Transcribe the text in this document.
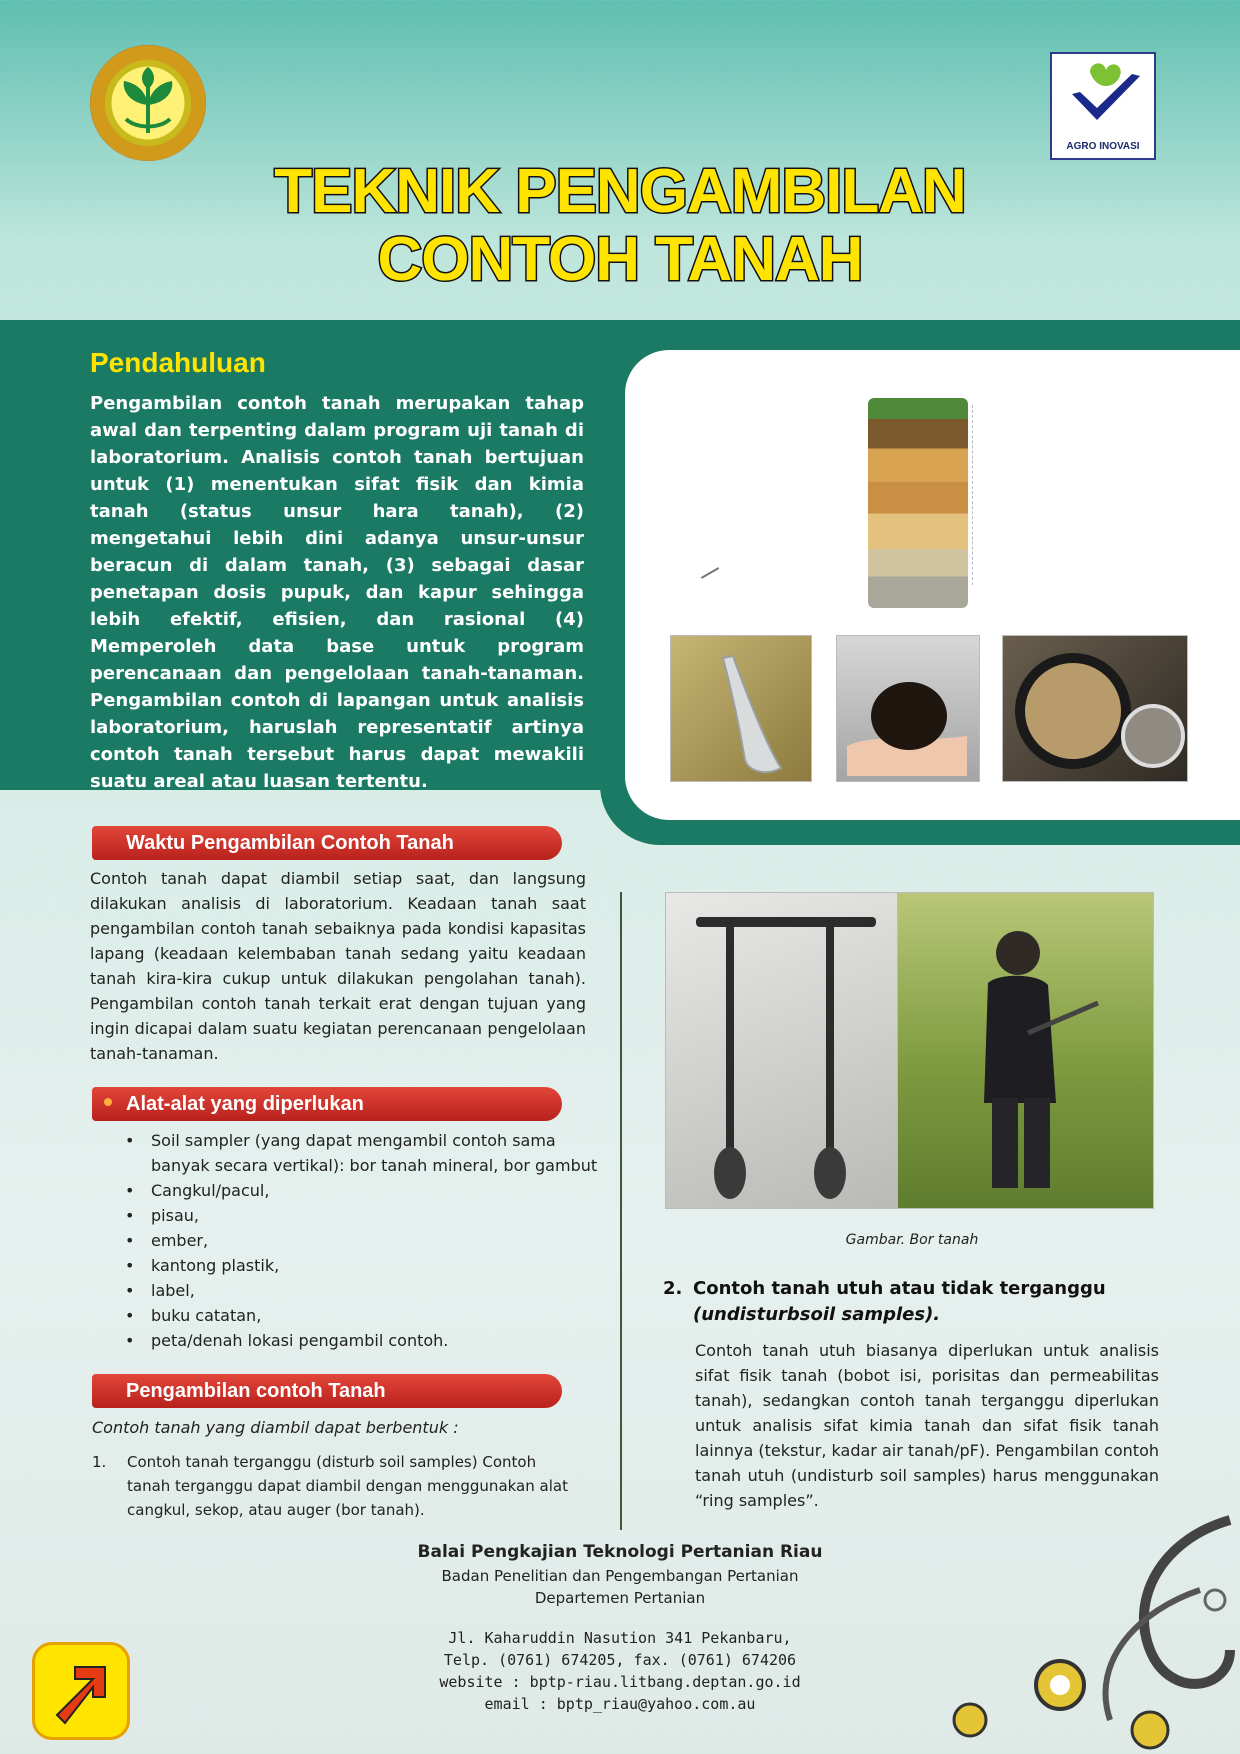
AGRO INOVASI
TEKNIK PENGAMBILAN
CONTOH TANAH
Pendahuluan
Pengambilan contoh tanah merupakan tahap awal dan terpenting dalam program uji tanah di laboratorium. Analisis contoh tanah bertujuan untuk (1) menentukan sifat fisik dan kimia tanah (status unsur hara tanah), (2) mengetahui lebih dini adanya unsur-unsur beracun di dalam tanah, (3) sebagai dasar penetapan dosis pupuk, dan kapur sehingga lebih efektif, efisien, dan rasional (4) Memperoleh data base untuk program perencanaan dan pengelolaan tanah-tanaman. Pengambilan contoh di lapangan untuk analisis laboratorium, haruslah representatif artinya contoh tanah tersebut harus dapat mewakili suatu areal atau luasan tertentu.
Waktu Pengambilan Contoh Tanah
Contoh tanah dapat diambil setiap saat, dan langsung dilakukan analisis di laboratorium. Keadaan tanah saat pengambilan contoh tanah sebaiknya pada kondisi kapasitas lapang (keadaan kelembaban tanah sedang yaitu keadaan tanah kira-kira cukup untuk dilakukan pengolahan tanah). Pengambilan contoh tanah terkait erat dengan tujuan yang ingin dicapai dalam suatu kegiatan perencanaan pengelolaan tanah-tanaman.
Alat-alat yang diperlukan
• Soil sampler (yang dapat mengambil contoh sama banyak secara vertikal): bor tanah mineral, bor gambut
• Cangkul/pacul,
• pisau,
• ember,
• kantong plastik,
• label,
• buku catatan,
• peta/denah lokasi pengambil contoh.
Pengambilan contoh Tanah
Contoh tanah yang diambil dapat berbentuk :
1.	Contoh tanah terganggu (disturb soil samples) Contoh tanah terganggu dapat diambil dengan menggunakan alat cangkul, sekop, atau auger (bor tanah).
Gambar. Bor tanah
2. Contoh tanah utuh atau tidak terganggu
(undisturbsoil samples).
Contoh tanah utuh biasanya diperlukan untuk analisis sifat fisik tanah (bobot isi, porisitas dan permeabilitas tanah), sedangkan contoh tanah terganggu diperlukan untuk analisis sifat kimia tanah dan sifat fisik tanah lainnya (tekstur, kadar air tanah/pF). Pengambilan contoh tanah utuh (undisturb soil samples) harus menggunakan “ring samples”.
Balai Pengkajian Teknologi Pertanian Riau
Badan Penelitian dan Pengembangan Pertanian
Departemen Pertanian
Jl. Kaharuddin Nasution 341 Pekanbaru,
Telp. (0761) 674205, fax. (0761) 674206
website : bptp-riau.litbang.deptan.go.id
email : bptp_riau@yahoo.com.au
